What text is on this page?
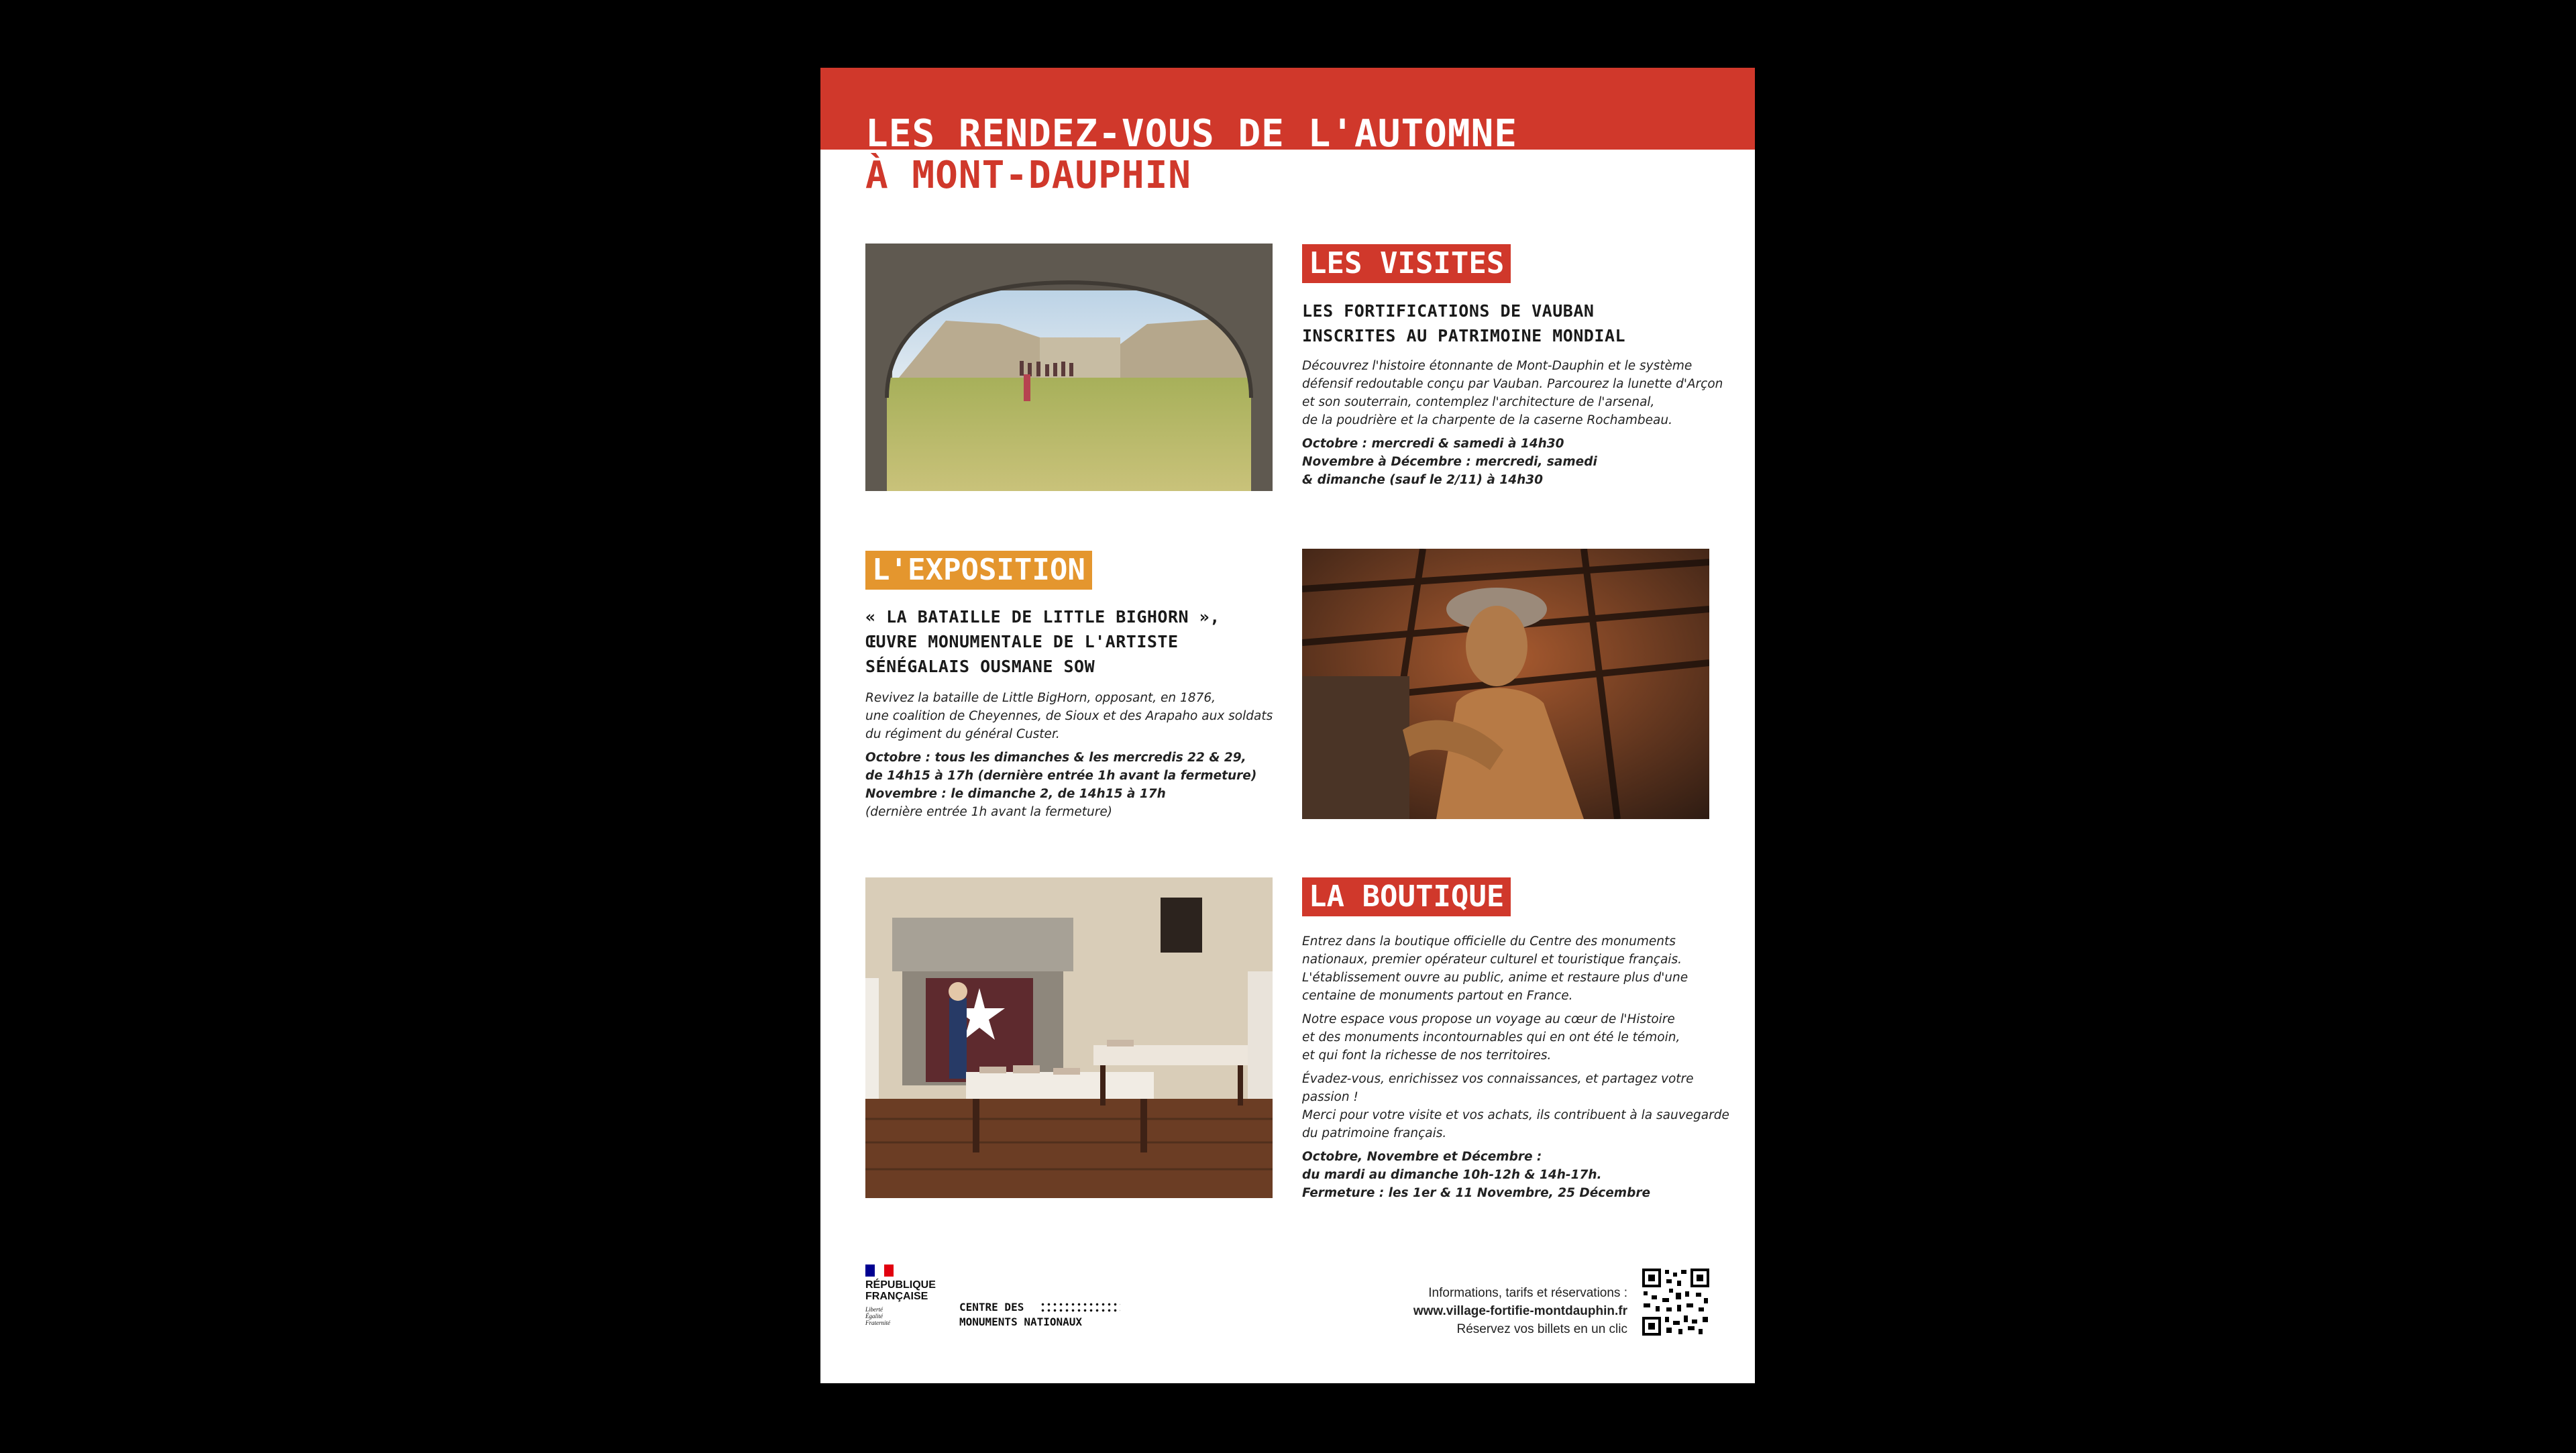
LES RENDEZ-VOUS DE L'AUTOMNE
À MONT-DAUPHIN
LES VISITES
LES FORTIFICATIONS DE VAUBAN
INSCRITES AU PATRIMOINE MONDIAL
Découvrez l'histoire étonnante de Mont-Dauphin et le système
défensif redoutable conçu par Vauban. Parcourez la lunette d'Arçon
et son souterrain, contemplez l'architecture de l'arsenal,
de la poudrière et la charpente de la caserne Rochambeau.
Octobre : mercredi & samedi à 14h30
Novembre à Décembre : mercredi, samedi
& dimanche (sauf le 2/11) à 14h30
L'EXPOSITION
« LA BATAILLE DE LITTLE BIGHORN »,
ŒUVRE MONUMENTALE DE L'ARTISTE
SÉNÉGALAIS OUSMANE SOW
Revivez la bataille de Little BigHorn, opposant, en 1876,
une coalition de Cheyennes, de Sioux et des Arapaho aux soldats
du régiment du général Custer.
Octobre : tous les dimanches & les mercredis 22 & 29,
de 14h15 à 17h (dernière entrée 1h avant la fermeture)
Novembre : le dimanche 2, de 14h15 à 17h
(dernière entrée 1h avant la fermeture)
LA BOUTIQUE
Entrez dans la boutique officielle du Centre des monuments
nationaux, premier opérateur culturel et touristique français.
L'établissement ouvre au public, anime et restaure plus d'une
centaine de monuments partout en France.
Notre espace vous propose un voyage au cœur de l'Histoire
et des monuments incontournables qui en ont été le témoin,
et qui font la richesse de nos territoires.
Évadez-vous, enrichissez vos connaissances, et partagez votre
passion !
Merci pour votre visite et vos achats, ils contribuent à la sauvegarde
du patrimoine français.
Octobre, Novembre et Décembre :
du mardi au dimanche 10h-12h & 14h-17h.
Fermeture : les 1er & 11 Novembre, 25 Décembre
RÉPUBLIQUE
FRANÇAISE
Liberté
Égalité
Fraternité
CENTRE DES
MONUMENTS NATIONAUX
Informations, tarifs et réservations :
www.village-fortifie-montdauphin.fr
Réservez vos billets en un clic
